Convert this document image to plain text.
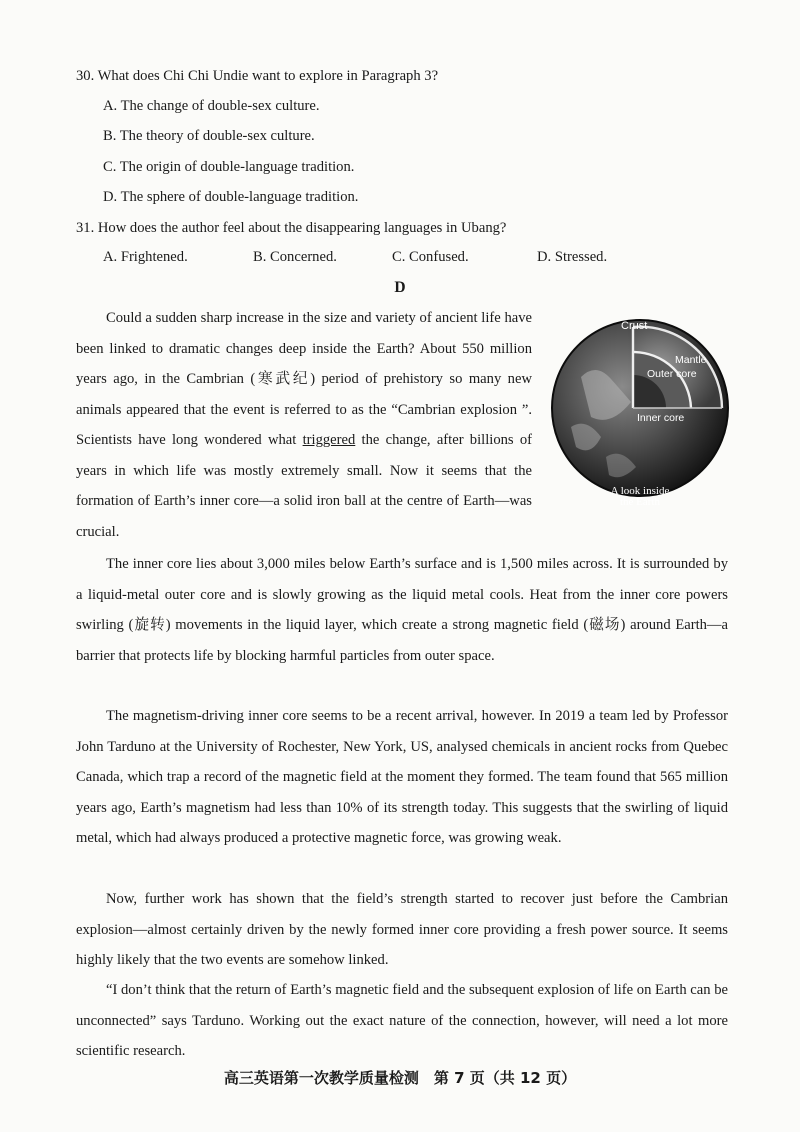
30. What does Chi Chi Undie want to explore in Paragraph 3?
A. The change of double-sex culture.
B. The theory of double-sex culture.
C. The origin of double-language tradition.
D. The sphere of double-language tradition.
31. How does the author feel about the disappearing languages in Ubang?
A. Frightened.	B. Concerned.	C. Confused.	D. Stressed.
D

Could a sudden sharp increase in the size and variety of ancient life have been linked to dramatic changes deep inside the Earth? About 550 million years ago, in the Cambrian (寒武纪) period of prehistory so many new animals appeared that the event is referred to as the “Cambrian explosion ”. Scientists have long wondered what triggered the change, after billions of years in which life was mostly extremely small. Now it seems that the formation of Earth’s inner core—a solid iron ball at the centre of Earth—was crucial.

Crust
Mantle
Outer core
Inner core
A look inside
the Earth

The inner core lies about 3,000 miles below Earth’s surface and is 1,500 miles across. It is surrounded by a liquid-metal outer core and is slowly growing as the liquid metal cools. Heat from the inner core powers swirling (旋转) movements in the liquid layer, which create a strong magnetic field (磁场) around Earth—a barrier that protects life by blocking harmful particles from outer space.

The magnetism-driving inner core seems to be a recent arrival, however. In 2019 a team led by Professor John Tarduno at the University of Rochester, New York, US, analysed chemicals in ancient rocks from Quebec Canada, which trap a record of the magnetic field at the moment they formed. The team found that 565 million years ago, Earth’s magnetism had less than 10% of its strength today. This suggests that the swirling of liquid metal, which had always produced a protective magnetic force, was growing weak.

Now, further work has shown that the field’s strength started to recover just before the Cambrian explosion—almost certainly driven by the newly formed inner core providing a fresh power source. It seems highly likely that the two events are somehow linked.

“I don’t think that the return of Earth’s magnetic field and the subsequent explosion of life on Earth can be unconnected” says Tarduno. Working out the exact nature of the connection, however, will need a lot more scientific research.

高三英语第一次教学质量检测　第 7 页（共 12 页）
